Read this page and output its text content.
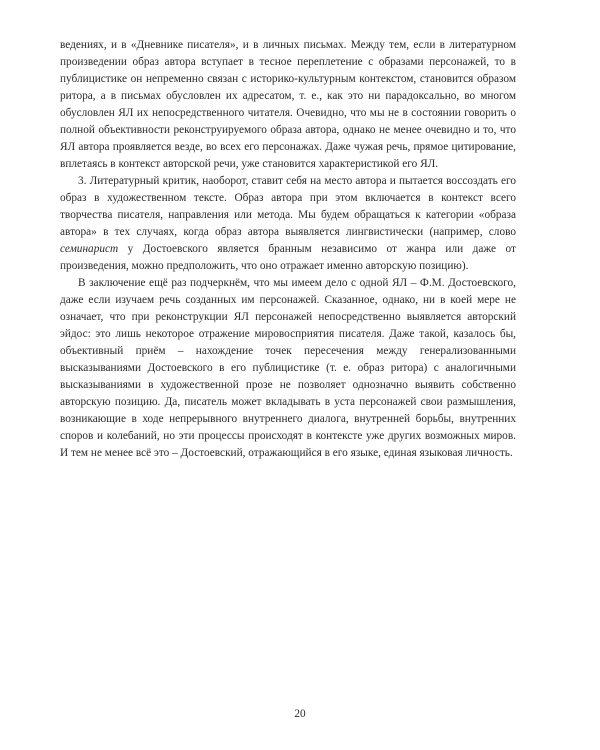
ведениях, и в «Дневнике писателя», и в личных письмах. Между тем, если в литературном произведении образ автора вступает в тесное переплетение с образами персонажей, то в публицистике он непременно связан с историко-культурным контекстом, становится образом ритора, а в письмах обусловлен их адресатом, т. е., как это ни парадоксально, во многом обусловлен ЯЛ их непосредственного читателя. Очевидно, что мы не в состоянии говорить о полной объективности реконструируемого образа автора, однако не менее очевидно и то, что ЯЛ автора проявляется везде, во всех его персонажах. Даже чужая речь, прямое цитирование, вплетаясь в контекст авторской речи, уже становится характеристикой его ЯЛ.

3. Литературный критик, наоборот, ставит себя на место автора и пытается воссоздать его образ в художественном тексте. Образ автора при этом включается в контекст всего творчества писателя, направления или метода. Мы будем обращаться к категории «образа автора» в тех случаях, когда образ автора выявляется лингвистически (например, слово семинарист у Достоевского является бранным независимо от жанра или даже от произведения, можно предположить, что оно отражает именно авторскую позицию).

В заключение ещё раз подчеркнём, что мы имеем дело с одной ЯЛ – Ф.М. Достоевского, даже если изучаем речь созданных им персонажей. Сказанное, однако, ни в коей мере не означает, что при реконструкции ЯЛ персонажей непосредственно выявляется авторский эйдос: это лишь некоторое отражение мировосприятия писателя. Даже такой, казалось бы, объективный приём – нахождение точек пересечения между генерализованными высказываниями Достоевского в его публицистике (т. е. образ ритора) с аналогичными высказываниями в художественной прозе не позволяет однозначно выявить собственно авторскую позицию. Да, писатель может вкладывать в уста персонажей свои размышления, возникающие в ходе непрерывного внутреннего диалога, внутренней борьбы, внутренних споров и колебаний, но эти процессы происходят в контексте уже других возможных миров. И тем не менее всё это – Достоевский, отражающийся в его языке, единая языковая личность.

20
